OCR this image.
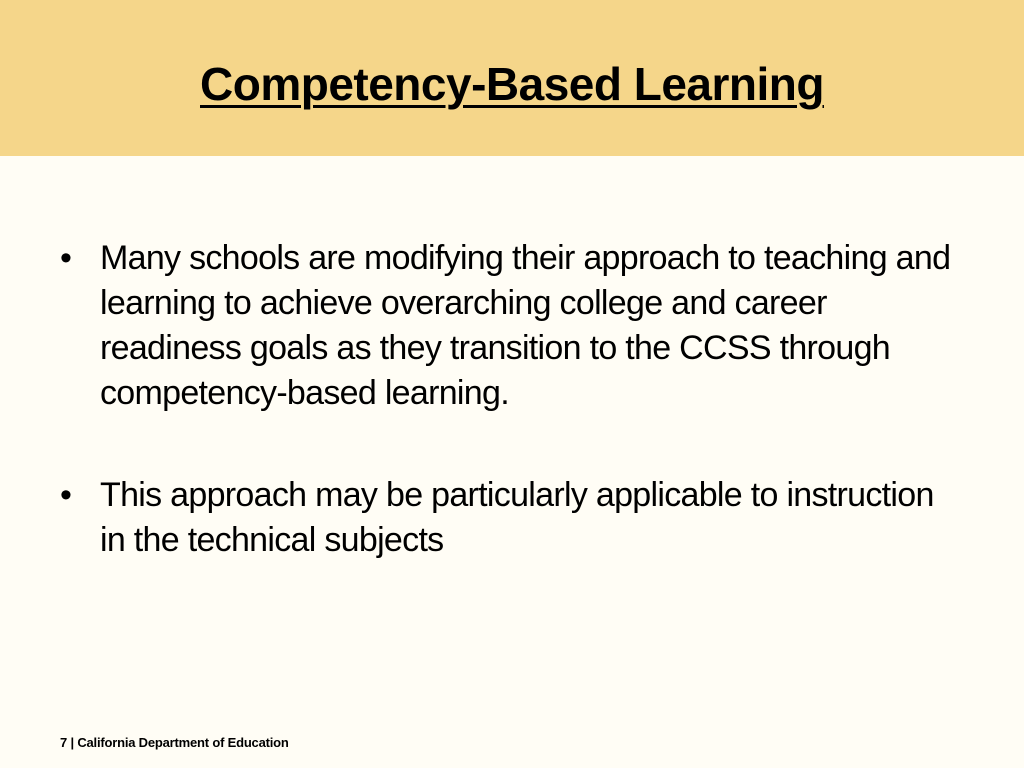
Competency-Based Learning
• Many schools are modifying their approach to teaching and learning to achieve overarching college and career readiness goals as they transition to the CCSS through competency-based learning.
• This approach may be particularly applicable to instruction in the technical subjects
7 | California Department of Education
